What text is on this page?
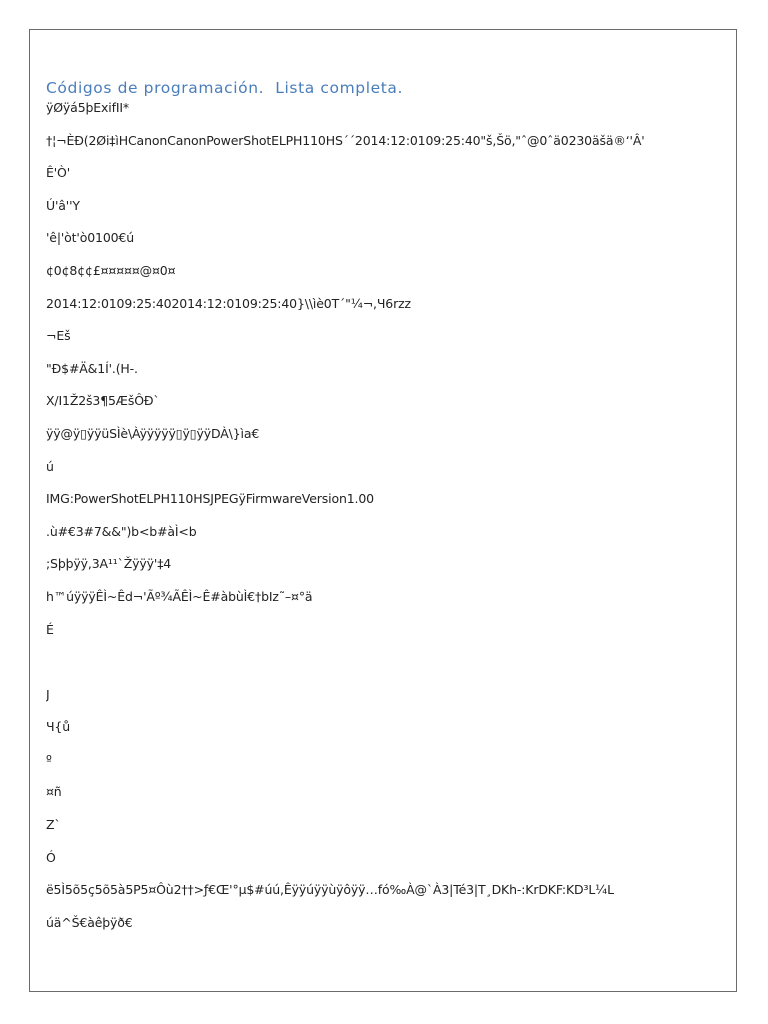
Códigos de programación.  Lista completa.
ÿØÿá5þExifII*
†¦¬ÈÐ(2Øi‡ìHCanonCanonPowerShotELPH110HS´´2014:12:0109:25:40"š,Šö,"ˆ@0ˆä0230äšä®‘'Â'
Ê'Ò'
Ú'â''Y
'ê|'òt'ò0100€ú
¢0¢8¢¢£¤¤¤¤¤@¤0¤
2014:12:0109:25:402014:12:0109:25:40}\\ìè0T´"¼¬,Ч6rzz
¬Eš
"Ð$#Ä&1Í'.(H-.
X/I1Ž2š3¶5ÆšÔÐ`
ÿÿ@ÿ▯ÿÿüSÌè\Àÿÿÿÿÿ▯ÿ▯ÿÿDÀ\}ìa€
ú
IMG:PowerShotELPH110HSJPEGÿFirmwareVersion1.00
.ù#€3#7&&")b<b#àÌ<b
;Sþþÿÿ,3A¹¹`Žÿÿÿ'‡4
h™úÿÿÿÊÌ~Êd¬'Ãº¾ÃÊÌ~Ê#àbùÌ€†bIz˜–¤°ä
É
J
Ч{ů
º
¤ñ
Z`
Ó
ë5Ì5õ5ç5õ5à5P5¤Ôù2††>ƒ€Œ'°µ$#úú,Êÿÿúÿÿùÿôÿÿ…fó‰À@`À3|Té3|T¸DKh-:KrDKF:KD³L¼L
úä^Š€àêþÿð€
